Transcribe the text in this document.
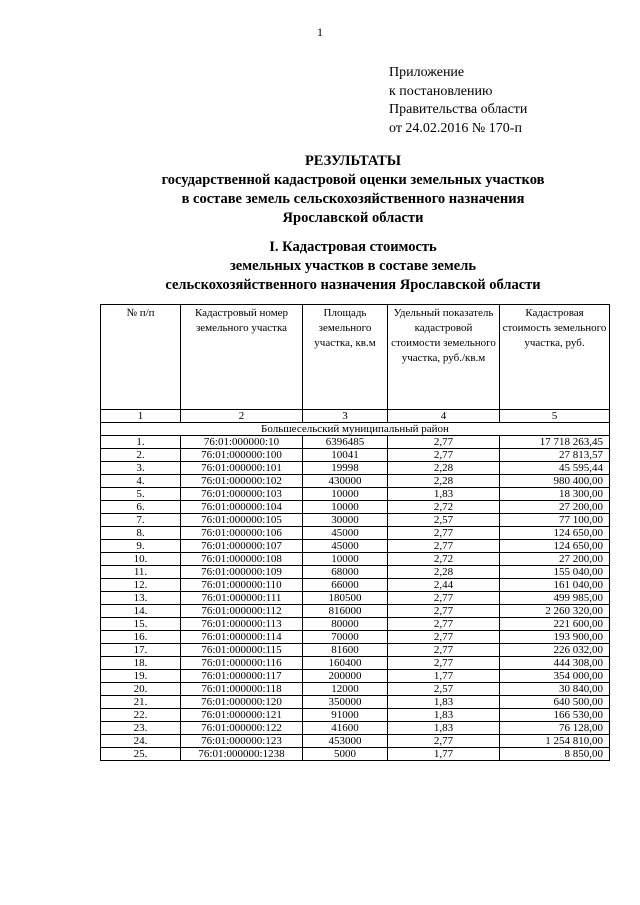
1
Приложение
к постановлению
Правительства области
от 24.02.2016 № 170-п
РЕЗУЛЬТАТЫ
государственной кадастровой оценки земельных участков
в составе земель сельскохозяйственного назначения
Ярославской области
I. Кадастровая стоимость
земельных участков в составе земель
сельскохозяйственного назначения Ярославской области
№ п/п	Кадастровый номер земельного участка	Площадь земельного участка, кв.м	Удельный показатель кадастровой стоимости земельного участка, руб./кв.м	Кадастровая стоимость земельного участка, руб.
1	2	3	4	5
Большесельский муниципальный район				
1.	76:01:000000:10	6396485	2,77	17 718 263,45
2.	76:01:000000:100	10041	2,77	27 813,57
3.	76:01:000000:101	19998	2,28	45 595,44
4.	76:01:000000:102	430000	2,28	980 400,00
5.	76:01:000000:103	10000	1,83	18 300,00
6.	76:01:000000:104	10000	2,72	27 200,00
7.	76:01:000000:105	30000	2,57	77 100,00
8.	76:01:000000:106	45000	2,77	124 650,00
9.	76:01:000000:107	45000	2,77	124 650,00
10.	76:01:000000:108	10000	2,72	27 200,00
11.	76:01:000000:109	68000	2,28	155 040,00
12.	76:01:000000:110	66000	2,44	161 040,00
13.	76:01:000000:111	180500	2,77	499 985,00
14.	76:01:000000:112	816000	2,77	2 260 320,00
15.	76:01:000000:113	80000	2,77	221 600,00
16.	76:01:000000:114	70000	2,77	193 900,00
17.	76:01:000000:115	81600	2,77	226 032,00
18.	76:01:000000:116	160400	2,77	444 308,00
19.	76:01:000000:117	200000	1,77	354 000,00
20.	76:01:000000:118	12000	2,57	30 840,00
21.	76:01:000000:120	350000	1,83	640 500,00
22.	76:01:000000:121	91000	1,83	166 530,00
23.	76:01:000000:122	41600	1,83	76 128,00
24.	76:01:000000:123	453000	2,77	1 254 810,00
25.	76:01:000000:1238	5000	1,77	8 850,00
